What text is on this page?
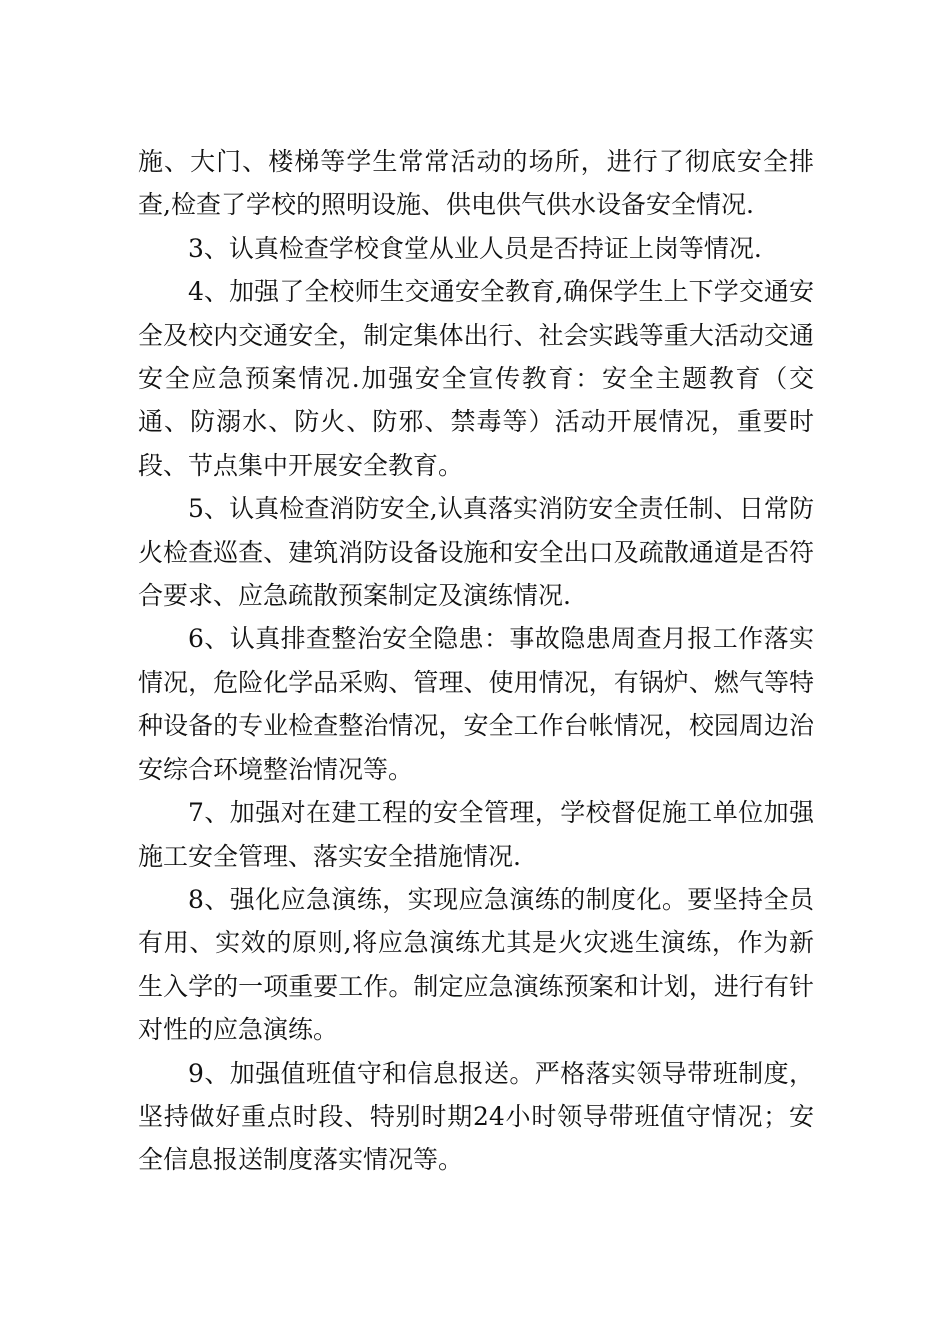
施、大门、楼梯等学生常常活动的场所，进行了彻底安全排查,检查了学校的照明设施、供电供气供水设备安全情况.

3、认真检查学校食堂从业人员是否持证上岗等情况.

4、加强了全校师生交通安全教育,确保学生上下学交通安全及校内交通安全，制定集体出行、社会实践等重大活动交通安全应急预案情况.加强安全宣传教育：安全主题教育（交通、防溺水、防火、防邪、禁毒等）活动开展情况，重要时段、节点集中开展安全教育。

5、认真检查消防安全,认真落实消防安全责任制、日常防火检查巡查、建筑消防设备设施和安全出口及疏散通道是否符合要求、应急疏散预案制定及演练情况.

6、认真排查整治安全隐患：事故隐患周查月报工作落实情况，危险化学品采购、管理、使用情况，有锅炉、燃气等特种设备的专业检查整治情况，安全工作台帐情况，校园周边治安综合环境整治情况等。

7、加强对在建工程的安全管理，学校督促施工单位加强施工安全管理、落实安全措施情况.

8、强化应急演练，实现应急演练的制度化。要坚持全员有用、实效的原则,将应急演练尤其是火灾逃生演练，作为新生入学的一项重要工作。制定应急演练预案和计划，进行有针对性的应急演练。

9、加强值班值守和信息报送。严格落实领导带班制度，坚持做好重点时段、特别时期24小时领导带班值守情况；安全信息报送制度落实情况等。
